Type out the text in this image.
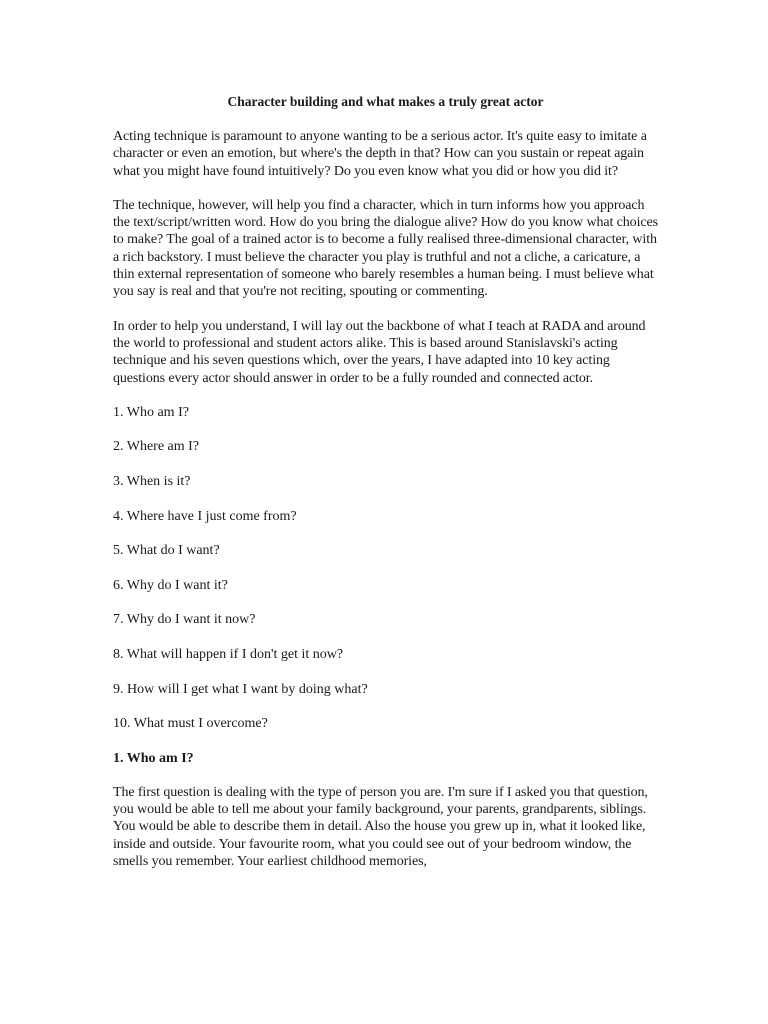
Character building and what makes a truly great actor

Acting technique is paramount to anyone wanting to be a serious actor. It's quite easy to imitate a character or even an emotion, but where's the depth in that? How can you sustain or repeat again what you might have found intuitively? Do you even know what you did or how you did it?

The technique, however, will help you find a character, which in turn informs how you approach the text/script/written word. How do you bring the dialogue alive? How do you know what choices to make? The goal of a trained actor is to become a fully realised three-dimensional character, with a rich backstory. I must believe the character you play is truthful and not a cliche, a caricature, a thin external representation of someone who barely resembles a human being. I must believe what you say is real and that you're not reciting, spouting or commenting.

In order to help you understand, I will lay out the backbone of what I teach at RADA and around the world to professional and student actors alike. This is based around Stanislavski's acting technique and his seven questions which, over the years, I have adapted into 10 key acting questions every actor should answer in order to be a fully rounded and connected actor.

1. Who am I?
2. Where am I?
3. When is it?
4. Where have I just come from?
5. What do I want?
6. Why do I want it?
7. Why do I want it now?
8. What will happen if I don't get it now?
9. How will I get what I want by doing what?
10. What must I overcome?
1. Who am I?

The first question is dealing with the type of person you are. I'm sure if I asked you that question, you would be able to tell me about your family background, your parents, grandparents, siblings. You would be able to describe them in detail. Also the house you grew up in, what it looked like, inside and outside. Your favourite room, what you could see out of your bedroom window, the smells you remember. Your earliest childhood memories,
